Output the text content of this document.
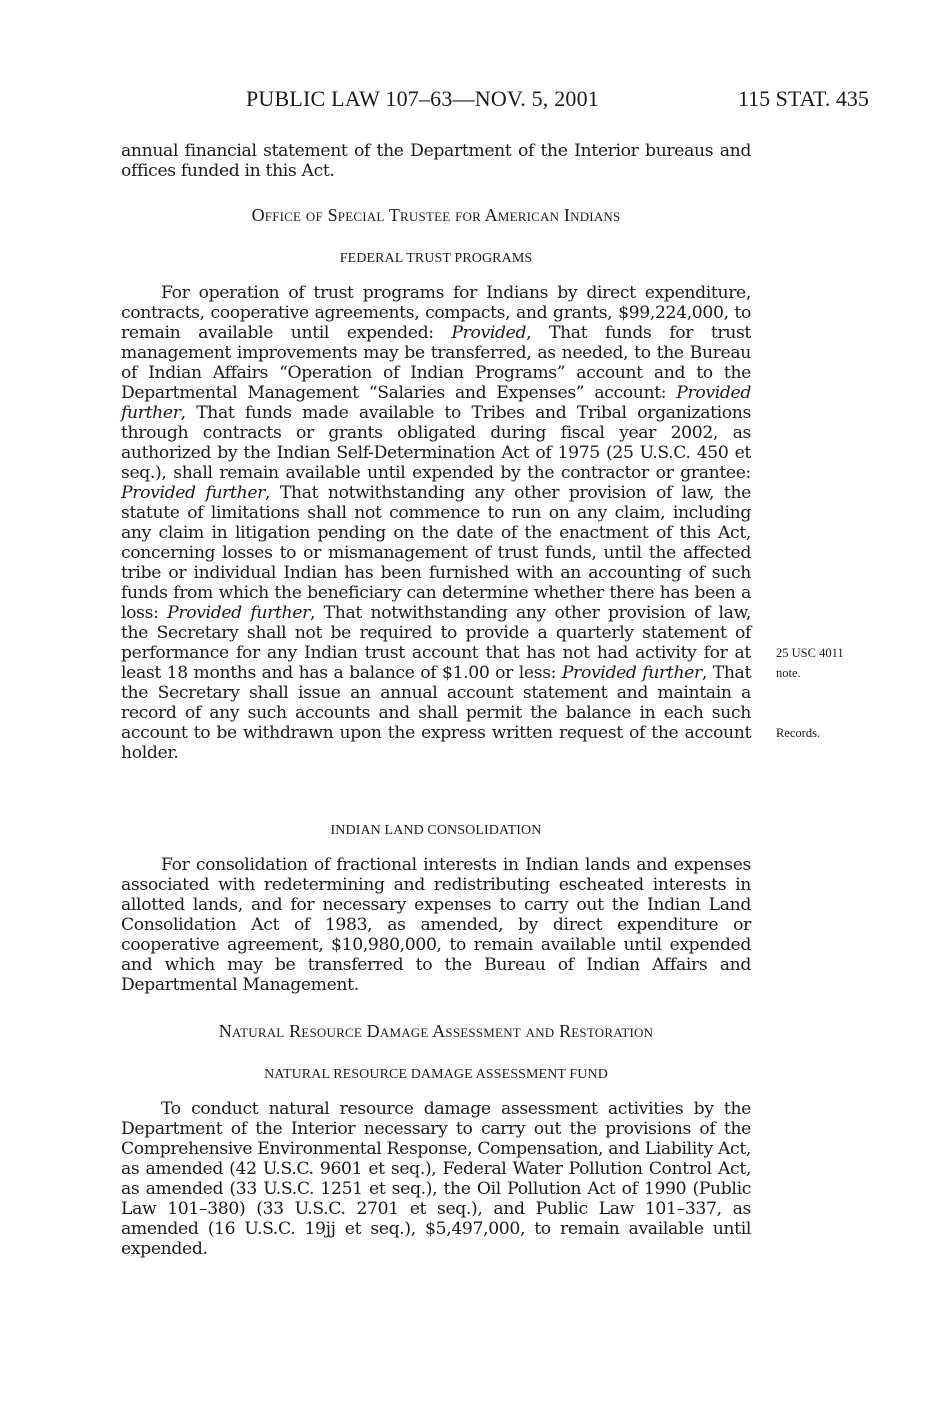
PUBLIC LAW 107–63—NOV. 5, 2001	115 STAT. 435

annual financial statement of the Department of the Interior bureaus and offices funded in this Act.

Office of Special Trustee for American Indians
FEDERAL TRUST PROGRAMS

For operation of trust programs for Indians by direct expenditure, contracts, cooperative agreements, compacts, and grants, $99,224,000, to remain available until expended: Provided, That funds for trust management improvements may be transferred, as needed, to the Bureau of Indian Affairs “Operation of Indian Programs” account and to the Departmental Management “Salaries and Expenses” account: Provided further, That funds made available to Tribes and Tribal organizations through contracts or grants obligated during fiscal year 2002, as authorized by the Indian Self-Determination Act of 1975 (25 U.S.C. 450 et seq.), shall remain available until expended by the contractor or grantee: Provided further, That notwithstanding any other provision of law, the statute of limitations shall not commence to run on any claim, including any claim in litigation pending on the date of the enactment of this Act, concerning losses to or mismanagement of trust funds, until the affected tribe or individual Indian has been furnished with an accounting of such funds from which the beneficiary can determine whether there has been a loss: Provided further, That notwithstanding any other provision of law, the Secretary shall not be required to provide a quarterly statement of performance for any Indian trust account that has not had activity for at least 18 months and has a balance of $1.00 or less: Provided further, That the Secretary shall issue an annual account statement and maintain a record of any such accounts and shall permit the balance in each such account to be withdrawn upon the express written request of the account holder.

25 USC 4011
note.
Records.
INDIAN LAND CONSOLIDATION

For consolidation of fractional interests in Indian lands and expenses associated with redetermining and redistributing escheated interests in allotted lands, and for necessary expenses to carry out the Indian Land Consolidation Act of 1983, as amended, by direct expenditure or cooperative agreement, $10,980,000, to remain available until expended and which may be transferred to the Bureau of Indian Affairs and Departmental Management.

Natural Resource Damage Assessment and Restoration
NATURAL RESOURCE DAMAGE ASSESSMENT FUND

To conduct natural resource damage assessment activities by the Department of the Interior necessary to carry out the provisions of the Comprehensive Environmental Response, Compensation, and Liability Act, as amended (42 U.S.C. 9601 et seq.), Federal Water Pollution Control Act, as amended (33 U.S.C. 1251 et seq.), the Oil Pollution Act of 1990 (Public Law 101–380) (33 U.S.C. 2701 et seq.), and Public Law 101–337, as amended (16 U.S.C. 19jj et seq.), $5,497,000, to remain available until expended.
